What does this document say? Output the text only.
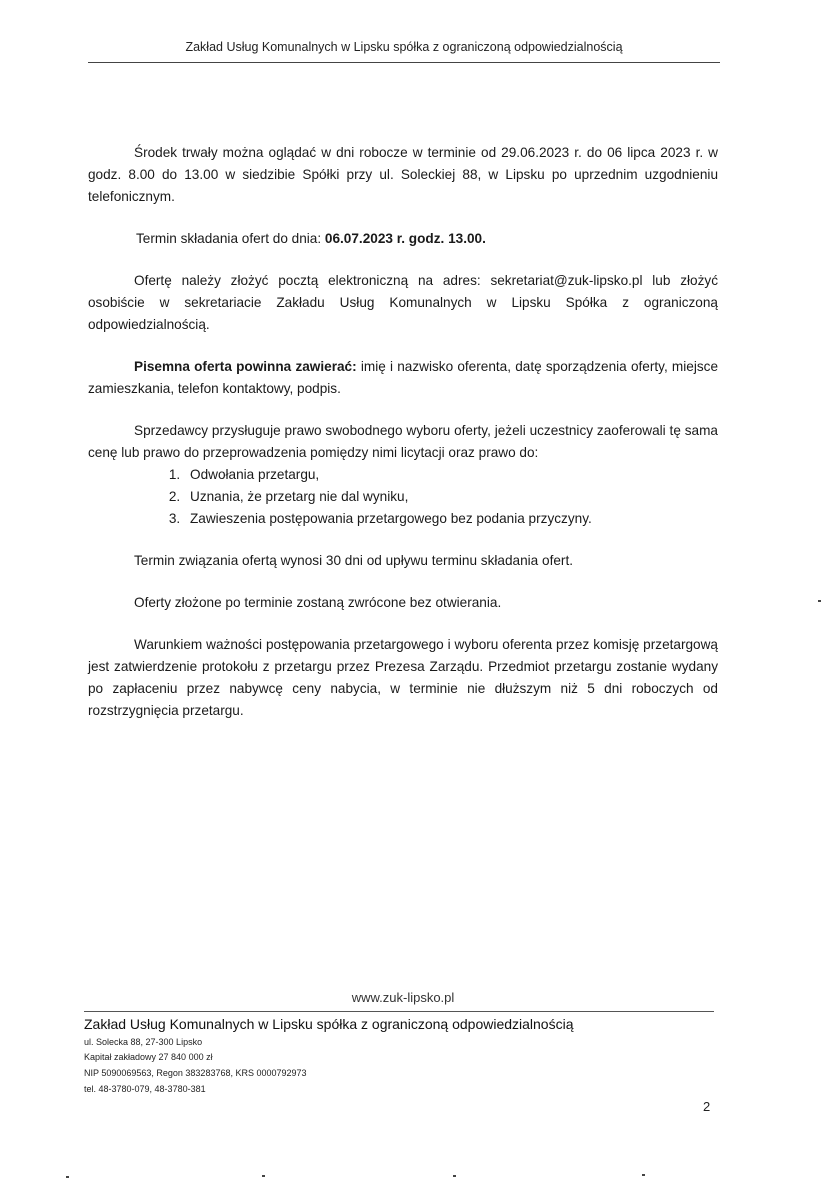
Zakład Usług Komunalnych w Lipsku spółka z ograniczoną odpowiedzialnością

Środek trwały można oglądać w dni robocze w terminie od 29.06.2023 r. do 06 lipca 2023 r. w godz. 8.00 do 13.00 w siedzibie Spółki przy ul. Soleckiej 88, w Lipsku po uprzednim uzgodnieniu telefonicznym.

Termin składania ofert do dnia: 06.07.2023 r. godz. 13.00.

Ofertę należy złożyć pocztą elektroniczną na adres: sekretariat@zuk-lipsko.pl lub złożyć osobiście w sekretariacie Zakładu Usług Komunalnych w Lipsku Spółka z ograniczoną odpowiedzialnością.

Pisemna oferta powinna zawierać: imię i nazwisko oferenta, datę sporządzenia oferty, miejsce zamieszkania, telefon kontaktowy, podpis.

Sprzedawcy przysługuje prawo swobodnego wyboru oferty, jeżeli uczestnicy zaoferowali tę sama cenę lub prawo do przeprowadzenia pomiędzy nimi licytacji oraz prawo do:

1. Odwołania przetargu,
2. Uznania, że przetarg nie dal wyniku,
3. Zawieszenia postępowania przetargowego bez podania przyczyny.

Termin związania ofertą wynosi 30 dni od upływu terminu składania ofert.

Oferty złożone po terminie zostaną zwrócone bez otwierania.

Warunkiem ważności postępowania przetargowego i wyboru oferenta przez komisję przetargową jest zatwierdzenie protokołu z przetargu przez Prezesa Zarządu. Przedmiot przetargu zostanie wydany po zapłaceniu przez nabywcę ceny nabycia, w terminie nie dłuższym niż 5 dni roboczych od rozstrzygnięcia przetargu.

www.zuk-lipsko.pl
Zakład Usług Komunalnych w Lipsku spółka z ograniczoną odpowiedzialnością
ul. Solecka 88, 27-300 Lipsko
Kapitał zakładowy 27 840 000 zł
NIP 5090069563, Regon 383283768, KRS 0000792973
tel. 48-3780-079, 48-3780-381
2
